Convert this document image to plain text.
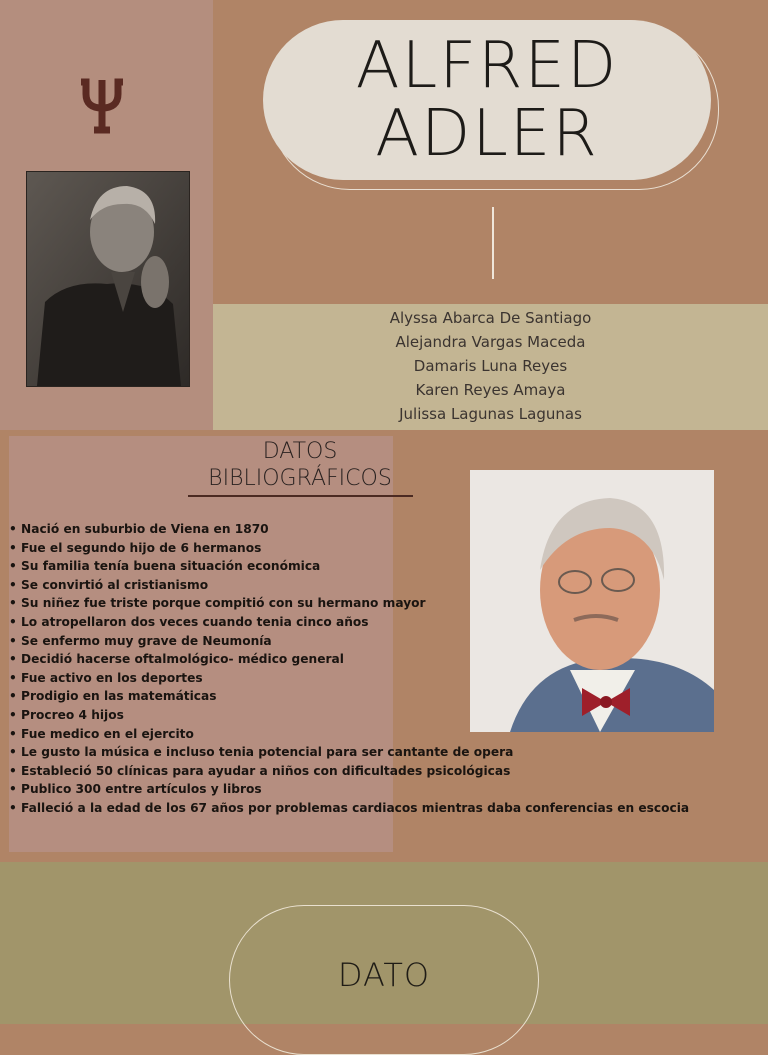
ALFRED
ADLER
Alyssa Abarca De Santiago
Alejandra Vargas Maceda
Damaris Luna Reyes
Karen Reyes Amaya
Julissa Lagunas Lagunas
DATOS
BIBLIOGRÁFICOS
• Nació en suburbio de Viena en 1870
• Fue el segundo hijo de 6 hermanos
• Su familia tenía buena situación económica
• Se convirtió al cristianismo
• Su niñez fue triste porque compitió con su hermano mayor
• Lo atropellaron dos veces cuando tenia cinco años
• Se enfermo muy grave de Neumonía
• Decidió hacerse oftalmológico- médico general
• Fue activo en los deportes
• Prodigio en las matemáticas
• Procreo 4 hijos
• Fue medico en el ejercito
• Le gusto la música e incluso tenia potencial para ser cantante de opera
• Estableció 50 clínicas para ayudar a niños con dificultades psicológicas
• Publico 300 entre artículos y libros
• Falleció a la edad de los 67 años por problemas cardiacos mientras daba conferencias en escocia
DATO
